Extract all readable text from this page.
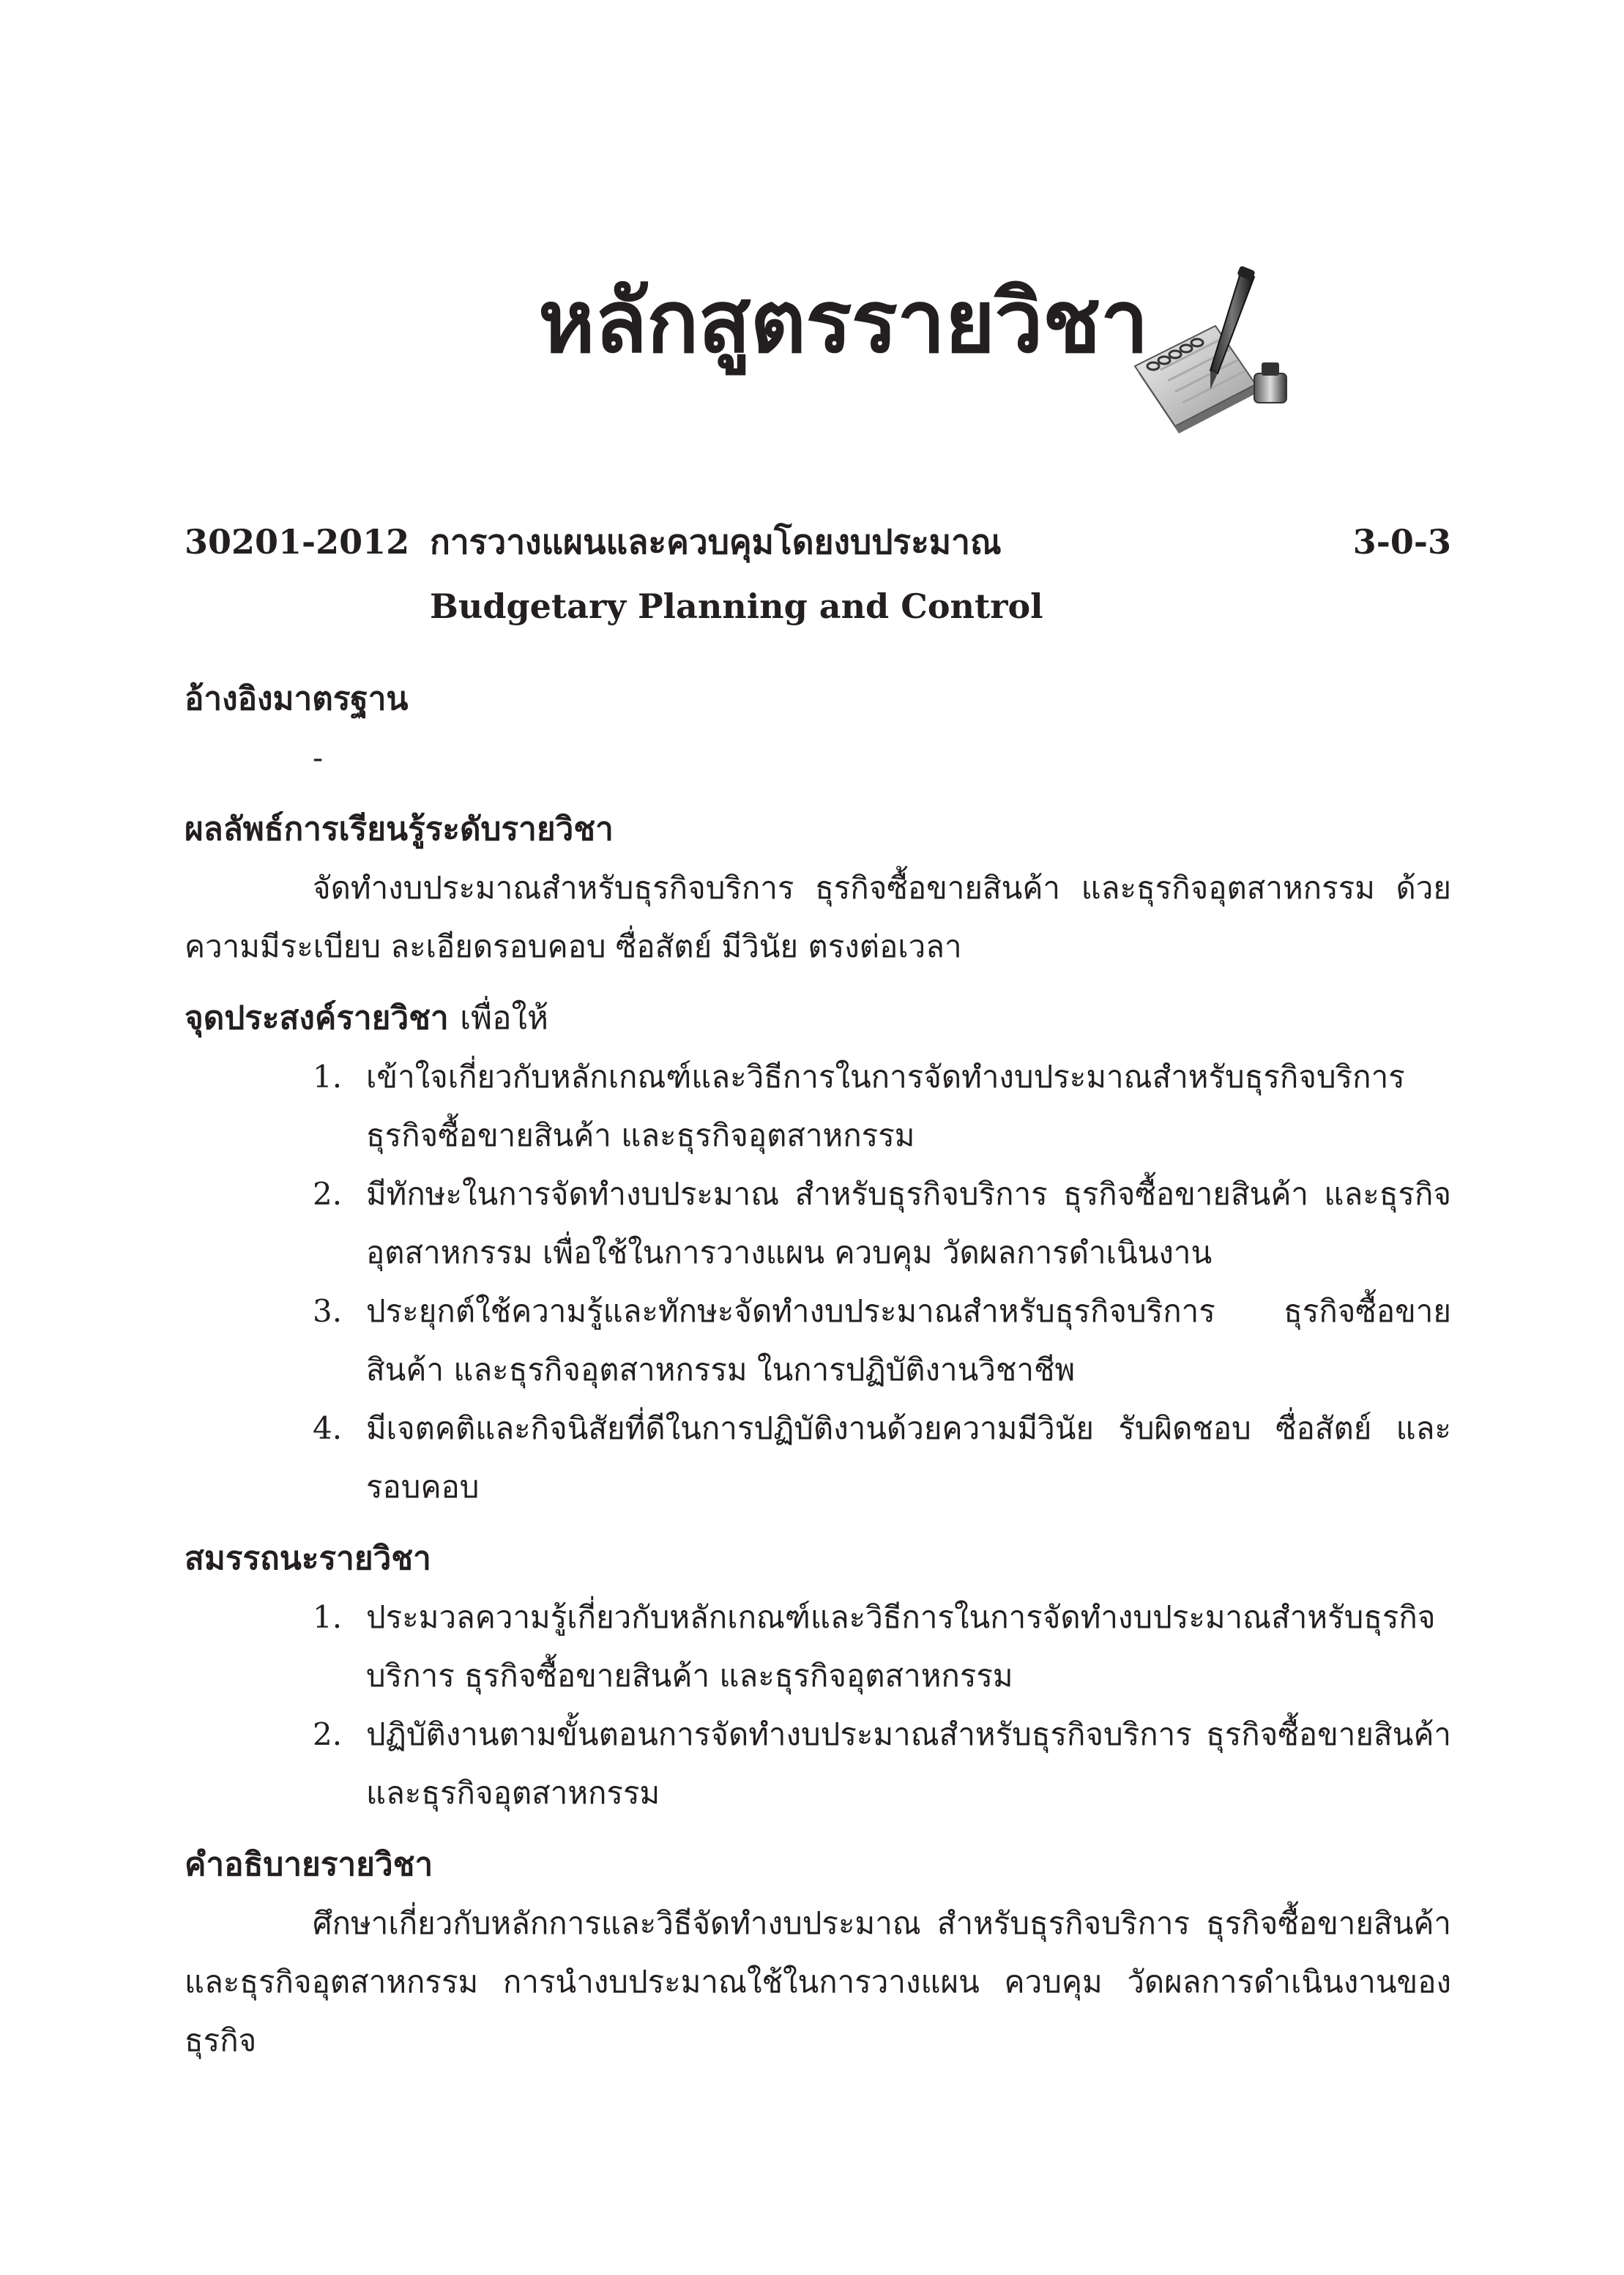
หลักสูตรรายวิชา
30201-2012 การวางแผนและควบคุมโดยงบประมาณ	3-0-3
Budgetary Planning and Control
อ้างอิงมาตรฐาน

-

ผลลัพธ์การเรียนรู้ระดับรายวิชา

จัดทำงบประมาณสำหรับธุรกิจบริการ ธุรกิจซื้อขายสินค้า และธุรกิจอุตสาหกรรม ด้วยความมีระเบียบ ละเอียดรอบคอบ ซื่อสัตย์ มีวินัย ตรงต่อเวลา

จุดประสงค์รายวิชา เพื่อให้
1. เข้าใจเกี่ยวกับหลักเกณฑ์และวิธีการในการจัดทำงบประมาณสำหรับธุรกิจบริการ ธุรกิจซื้อขายสินค้า และธุรกิจอุตสาหกรรม
2. มีทักษะในการจัดทำงบประมาณ สำหรับธุรกิจบริการ ธุรกิจซื้อขายสินค้า และธุรกิจอุตสาหกรรม เพื่อใช้ในการวางแผน ควบคุม วัดผลการดำเนินงาน
3. ประยุกต์ใช้ความรู้และทักษะจัดทำงบประมาณสำหรับธุรกิจบริการ ธุรกิจซื้อขายสินค้า และธุรกิจอุตสาหกรรม ในการปฏิบัติงานวิชาชีพ
4. มีเจตคติและกิจนิสัยที่ดีในการปฏิบัติงานด้วยความมีวินัย รับผิดชอบ ซื่อสัตย์ และรอบคอบ
สมรรถนะรายวิชา
1. ประมวลความรู้เกี่ยวกับหลักเกณฑ์และวิธีการในการจัดทำงบประมาณสำหรับธุรกิจบริการ ธุรกิจซื้อขายสินค้า และธุรกิจอุตสาหกรรม
2. ปฏิบัติงานตามขั้นตอนการจัดทำงบประมาณสำหรับธุรกิจบริการ ธุรกิจซื้อขายสินค้า และธุรกิจอุตสาหกรรม
คำอธิบายรายวิชา

ศึกษาเกี่ยวกับหลักการและวิธีจัดทำงบประมาณ สำหรับธุรกิจบริการ ธุรกิจซื้อขายสินค้าและธุรกิจอุตสาหกรรม การนำงบประมาณใช้ในการวางแผน ควบคุม วัดผลการดำเนินงานของธุรกิจ
